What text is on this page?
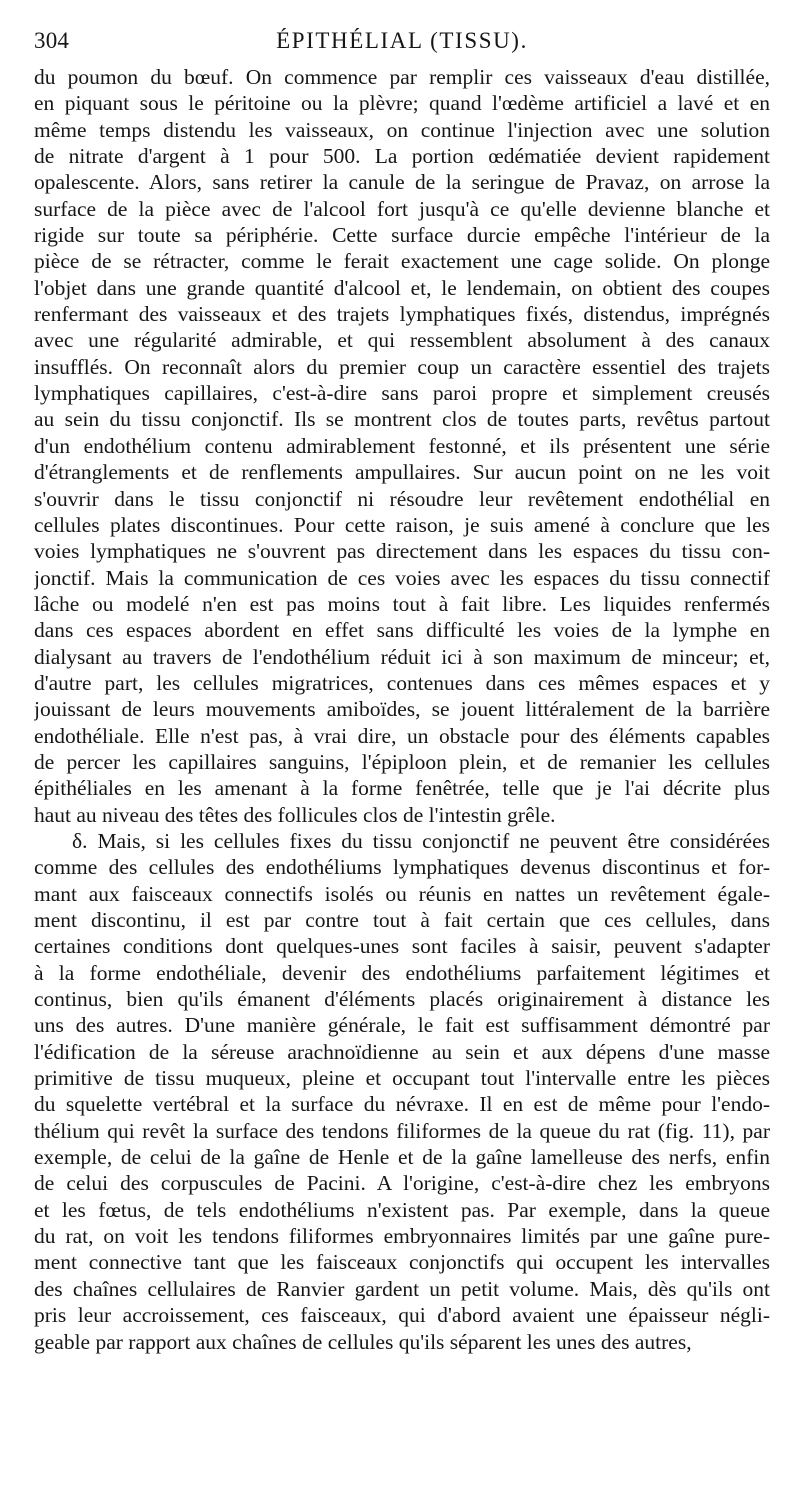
304	ÉPITHÉLIAL (TISSU).
du poumon du bœuf. On commence par remplir ces vaisseaux d'eau distillée,
en piquant sous le péritoine ou la plèvre; quand l'œdème artificiel a lavé et en
même temps distendu les vaisseaux, on continue l'injection avec une solution
de nitrate d'argent à 1 pour 500. La portion œdématiée devient rapidement
opalescente. Alors, sans retirer la canule de la seringue de Pravaz, on arrose la
surface de la pièce avec de l'alcool fort jusqu'à ce qu'elle devienne blanche et
rigide sur toute sa périphérie. Cette surface durcie empêche l'intérieur de la
pièce de se rétracter, comme le ferait exactement une cage solide. On plonge
l'objet dans une grande quantité d'alcool et, le lendemain, on obtient des coupes
renfermant des vaisseaux et des trajets lymphatiques fixés, distendus, imprégnés
avec une régularité admirable, et qui ressemblent absolument à des canaux
insufflés. On reconnaît alors du premier coup un caractère essentiel des trajets
lymphatiques capillaires, c'est-à-dire sans paroi propre et simplement creusés
au sein du tissu conjonctif. Ils se montrent clos de toutes parts, revêtus partout
d'un endothélium contenu admirablement festonné, et ils présentent une série
d'étranglements et de renflements ampullaires. Sur aucun point on ne les voit
s'ouvrir dans le tissu conjonctif ni résoudre leur revêtement endothélial en
cellules plates discontinues. Pour cette raison, je suis amené à conclure que les
voies lymphatiques ne s'ouvrent pas directement dans les espaces du tissu con-
jonctif. Mais la communication de ces voies avec les espaces du tissu connectif
lâche ou modelé n'en est pas moins tout à fait libre. Les liquides renfermés
dans ces espaces abordent en effet sans difficulté les voies de la lymphe en
dialysant au travers de l'endothélium réduit ici à son maximum de minceur; et,
d'autre part, les cellules migratrices, contenues dans ces mêmes espaces et y
jouissant de leurs mouvements amiboïdes, se jouent littéralement de la barrière
endothéliale. Elle n'est pas, à vrai dire, un obstacle pour des éléments capables
de percer les capillaires sanguins, l'épiploon plein, et de remanier les cellules
épithéliales en les amenant à la forme fenêtrée, telle que je l'ai décrite plus
haut au niveau des têtes des follicules clos de l'intestin grêle.
δ. Mais, si les cellules fixes du tissu conjonctif ne peuvent être considérées
comme des cellules des endothéliums lymphatiques devenus discontinus et for-
mant aux faisceaux connectifs isolés ou réunis en nattes un revêtement égale-
ment discontinu, il est par contre tout à fait certain que ces cellules, dans
certaines conditions dont quelques-unes sont faciles à saisir, peuvent s'adapter
à la forme endothéliale, devenir des endothéliums parfaitement légitimes et
continus, bien qu'ils émanent d'éléments placés originairement à distance les
uns des autres. D'une manière générale, le fait est suffisamment démontré par
l'édification de la séreuse arachnoïdienne au sein et aux dépens d'une masse
primitive de tissu muqueux, pleine et occupant tout l'intervalle entre les pièces
du squelette vertébral et la surface du névraxe. Il en est de même pour l'endo-
thélium qui revêt la surface des tendons filiformes de la queue du rat (fig. 11), par
exemple, de celui de la gaîne de Henle et de la gaîne lamelleuse des nerfs, enfin
de celui des corpuscules de Pacini. A l'origine, c'est-à-dire chez les embryons
et les fœtus, de tels endothéliums n'existent pas. Par exemple, dans la queue
du rat, on voit les tendons filiformes embryonnaires limités par une gaîne pure-
ment connective tant que les faisceaux conjonctifs qui occupent les intervalles
des chaînes cellulaires de Ranvier gardent un petit volume. Mais, dès qu'ils ont
pris leur accroissement, ces faisceaux, qui d'abord avaient une épaisseur négli-
geable par rapport aux chaînes de cellules qu'ils séparent les unes des autres,
